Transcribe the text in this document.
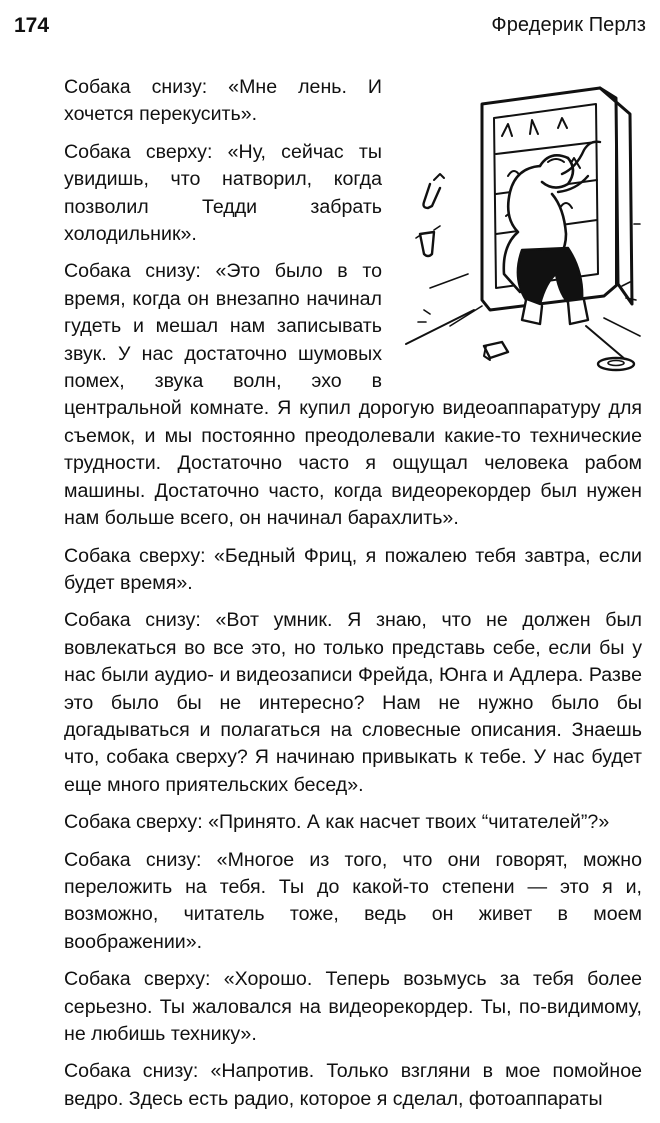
174	Фредерик Перлз

Собака снизу: «Мне лень. И хочется перекусить».

Собака сверху: «Ну, сейчас ты увидишь, что натворил, когда позволил Тедди забрать холодильник».

Собака снизу: «Это было в то время, когда он внезапно начинал гудеть и мешал нам записывать звук. У нас достаточно шумовых помех, звука волн, эхо в центральной комнате. Я купил дорогую видеоаппаратуру для съемок, и мы постоянно преодолевали какие-то технические трудности. Достаточно часто я ощущал человека рабом машины. Достаточно часто, когда видеорекордер был нужен нам больше всего, он начинал барахлить».

Собака сверху: «Бедный Фриц, я пожалею тебя завтра, если будет время».

Собака снизу: «Вот умник. Я знаю, что не должен был вовлекаться во все это, но только представь себе, если бы у нас были аудио- и видеозаписи Фрейда, Юнга и Адлера. Разве это было бы не интересно? Нам не нужно было бы догадываться и полагаться на словесные описания. Знаешь что, собака сверху? Я начинаю привыкать к тебе. У нас будет еще много приятельских бесед».

Собака сверху: «Принято. А как насчет твоих “читателей”?»

Собака снизу: «Многое из того, что они говорят, можно переложить на тебя. Ты до какой-то степени — это я и, возможно, читатель тоже, ведь он живет в моем воображении».

Собака сверху: «Хорошо. Теперь возьмусь за тебя более серьезно. Ты жаловался на видеорекордер. Ты, по-видимому, не любишь технику».

Собака снизу: «Напротив. Только взгляни в мое помойное ведро. Здесь есть радио, которое я сделал, фотоаппараты
